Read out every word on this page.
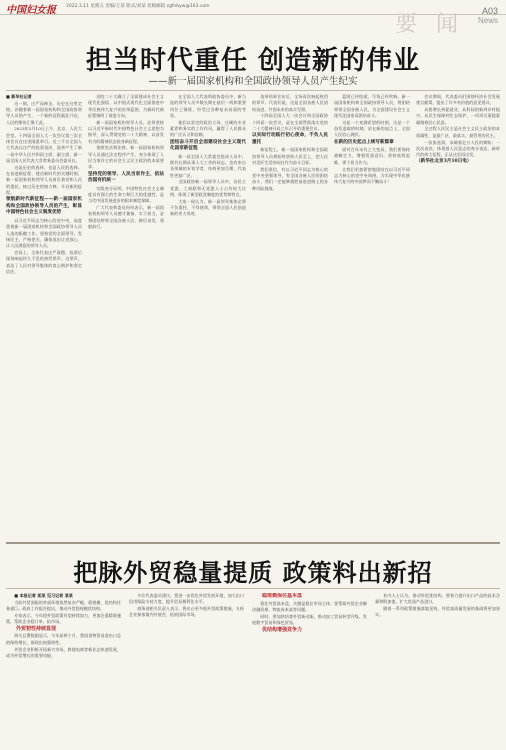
中国妇女报 2022.3.11 星期五 责编/王某 版式/刘某 投稿邮箱 zgfnbyw@163.com
要 闻
A03
News
担当时代重任 创造新的伟业
——新一届国家机构和全国政协领导人员产生纪实

■ 新华社记者

这一刻，庄严而神圣，历史在这里定格。伴随着新一届国家机构和全国政协领导人员的产生，一个新的征程就此开启，人民的期待汇聚于此。

2023年3月10日上午，北京，人民大会堂。十四届全国人大一次会议第三次全体会议在这里隆重举行。近三千名全国人大代表以庄严的投票表决，选举产生了新一届中华人民共和国主席、副主席，新一届全国人民代表大会常务委员会委员长。

这是历史的选择，也是人民的选择。在奋进新征程、建功新时代的关键时刻，新一届国家机构领导人员肩负着党和人民的重托，接过历史的接力棒，开启新的征程。

领航新时代新征程——新一届国家机构和全国政协领导人员的产生，彰显中国特色社会主义制度优势

以习近平同志为核心的党中央，高度重视新一届国家机构和全国政协领导人员人选的酝酿工作，坚持党的全面领导，发扬民主，严格把关，确保选出让党放心、让人民满意的领导人员。

会场上，全体代表庄严肃穆，投票后现场响起经久不息的热烈掌声。这掌声，表达了人民对领导集体的衷心拥护和坚定信任。

党的二十大确立了全面建成社会主义现代化强国、以中国式现代化全面推进中华民族伟大复兴的宏伟蓝图，为新时代新征程指明了前进方向。

新一届国家机构领导人员，必须坚持以习近平新时代中国特色社会主义思想为指导，深入贯彻党的二十大精神，以奋发有为的精神状态投身新征程。

依照宪法和法律，新一届国家机构领导人员通过法定程序产生，充分体现了人民当家作主的社会主义民主政治的本质要求。

坚持党的领导、人民当家作主、依法治国有机统一

实践充分证明，中国特色社会主义制度具有强大的生命力和巨大的优越性，是当代中国发展进步的根本制度保障。

广大代表和委员纷纷表示，新一届国家机构领导人员德才兼备、实干担当，必将团结带领全国各族人民，踔厉奋发、勇毅前行。

在全国人大代表和政协委员中，新当选的领导人员多数长期在基层一线和重要岗位上锤炼，经受过各种复杂局面的考验。

他们以坚定的政治立场、过硬的专业素养和务实的工作作风，赢得了人民群众的广泛认可和信赖。

团结奋斗开启全面建设社会主义现代化国家新征程

新一届全国人大常委会组成人员中，既有长期从事人大工作的同志，也有来自各领域的专家学者，结构更加合理，代表性更加广泛。

全国政协新一届领导人员中，各民主党派、工商联和无党派人士占有较大比例，体现了新型政党制度的优势和特点。

大家一致认为，新一届领导集体必将不负重托、不辱使命，带领全国人民创造新的更大奇迹。

选举结果宣布后，全场再次响起热烈的掌声。代表们说，这是全国各族人民团结奋进、共创未来的真实写照。

十四届全国人大一次会议和全国政协十四届一次会议，是在全面贯彻落实党的二十大精神开局之年召开的重要会议。

以实际行动践行初心使命，不负人民重托

新征程上，新一届国家机构和全国政协领导人员将始终坚持人民至上，把人民对美好生活的向往作为奋斗目标。

我们坚信，有以习近平同志为核心的党中央坚强领导，有全国各族人民的团结奋斗，我们一定能够战胜前进道路上的各种风险挑战。

蓝图已经绘就，号角已经吹响。新一届国家机构和全国政协领导人员，将团结带领全国各族人民，为全面建设社会主义现代化国家而团结奋斗。

这是一个充满希望的时刻，这是一个奋发进取的时刻。站在新的起点上，全国人民信心满怀。

在新的历史起点上续写新篇章

面对百年未有之大变局，我们要保持战略定力，增强忧患意识，坚持底线思维，勇于担当作为。

让我们更加紧密地团结在以习近平同志为核心的党中央周围，为实现中华民族伟大复兴的中国梦而不懈奋斗！

会议期间，代表委员们围绕经济社会发展建言献策，提出了许多有价值的意见建议。

从稳增长到促就业，从科技创新到乡村振兴，从民生保障到生态保护，一项项议案提案凝聚着民心民意。

全过程人民民主是社会主义民主政治的本质属性，是最广泛、最真实、最管用的民主。

一张张选票，承载着亿万人民的期盼；一次次表决，体现着人民意志的充分表达。新时代的伟大征程，正从这里再出发。

（新华社北京3月10日电）

把脉外贸稳量提质 政策料出新招

■ 本报记者 某某 见习记者 某某

当前外贸面临的外部环境依然复杂严峻，稳规模、优结构任务艰巨。政府工作报告提出，推动外贸稳规模优结构。

专家表示，今年稳外贸政策有望持续加力，更加注重精准施策，帮助企业稳订单、拓市场。

外贸韧性持续显现

海关总署数据显示，今年前两个月，我国货物贸易进出口总值保持增长，展现出较强韧性。

外贸企业积极开拓新兴市场，跨境电商等新业态快速发展，成为外贸增长的重要动能。

多位代表委员建议，要进一步优化外贸发展环境，加大出口信用保险支持力度，提升贸易便利化水平。

商务部相关负责人表示，将出台更多稳外贸政策措施，支持企业参加境内外展会，拓展国际市场。

稳规模保住基本盘

稳住外贸基本盘，关键是稳住市场主体。要帮助外贸企业解决融资难、物流成本高等问题。

同时，要加快培育外贸新动能，推动加工贸易转型升级，发展数字贸易和绿色贸易。

优结构增强竞争力

业内人士认为，推动外贸优结构，要着力提升出口产品的技术含量和附加值，扩大优质产品进口。

随着一系列政策措施落地见效，外贸高质量发展的基础将更加坚实。
